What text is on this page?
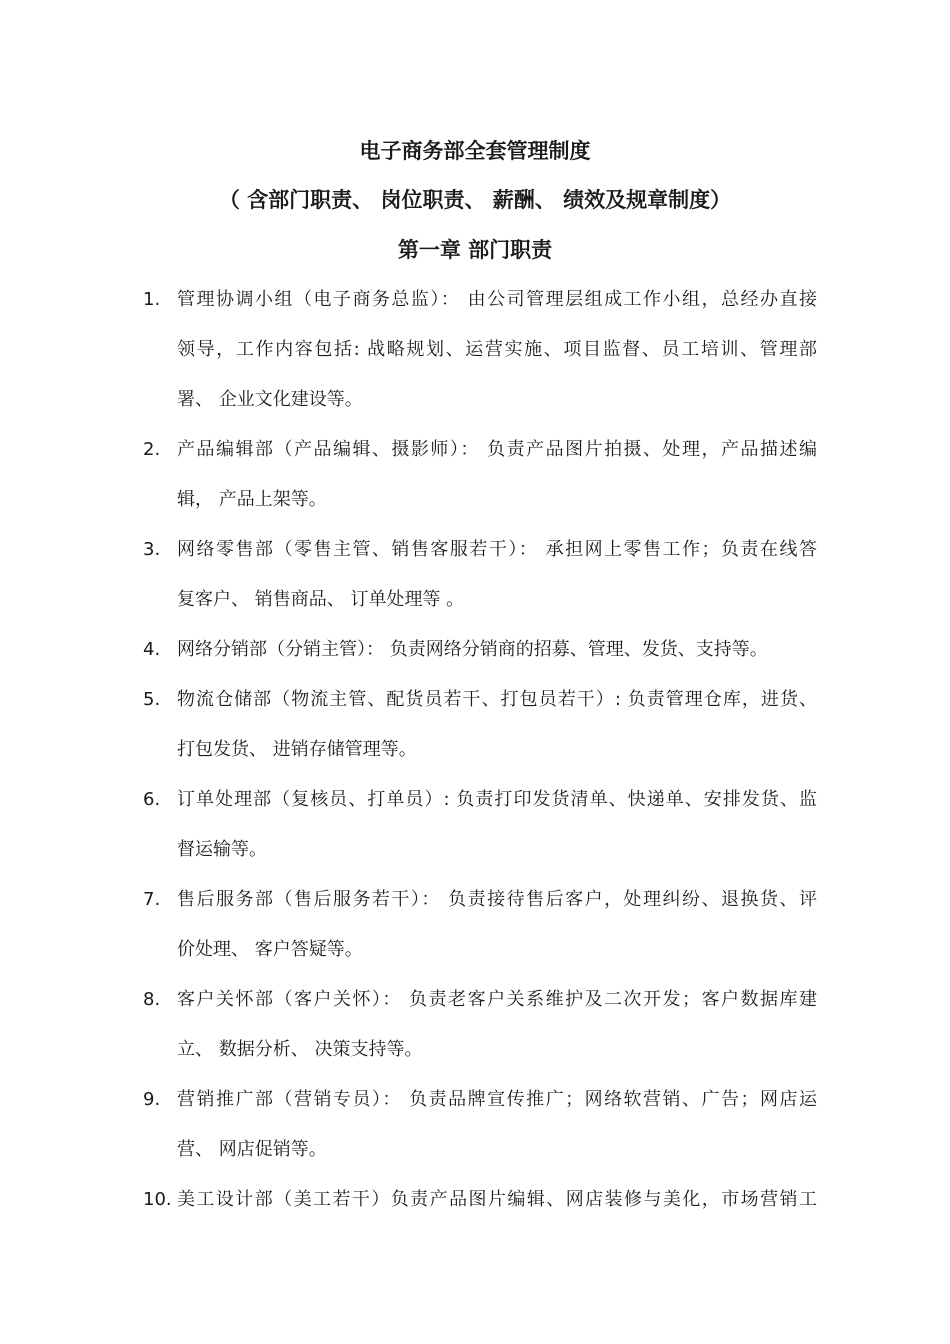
电子商务部全套管理制度
（ 含部门职责、 岗位职责、 薪酬、 绩效及规章制度）
第一章 部门职责
1. 管理协调小组（电子商务总监）： 由公司管理层组成工作小组，总经办直接
领导，工作内容包括: 战略规划、运营实施、项目监督、员工培训、管理部
署、 企业文化建设等。
2. 产品编辑部（产品编辑、摄影师）： 负责产品图片拍摄、处理，产品描述编
辑， 产品上架等。
3. 网络零售部（零售主管、销售客服若干）： 承担网上零售工作；负责在线答
复客户、 销售商品、 订单处理等 。
4. 网络分销部（分销主管）： 负责网络分销商的招募、管理、发货、支持等。
5. 物流仓储部（物流主管、配货员若干、打包员若干）: 负责管理仓库，进货、
打包发货、 进销存储管理等。
6. 订单处理部（复核员、打单员）: 负责打印发货清单、快递单、安排发货、监
督运输等。
7. 售后服务部（售后服务若干）： 负责接待售后客户，处理纠纷、退换货、评
价处理、 客户答疑等。
8. 客户关怀部（客户关怀）： 负责老客户关系维护及二次开发；客户数据库建
立、 数据分析、 决策支持等。
9. 营销推广部（营销专员）： 负责品牌宣传推广；网络软营销、广告；网店运
营、 网店促销等。
10. 美工设计部（美工若干）负责产品图片编辑、网店装修与美化，市场营销工
